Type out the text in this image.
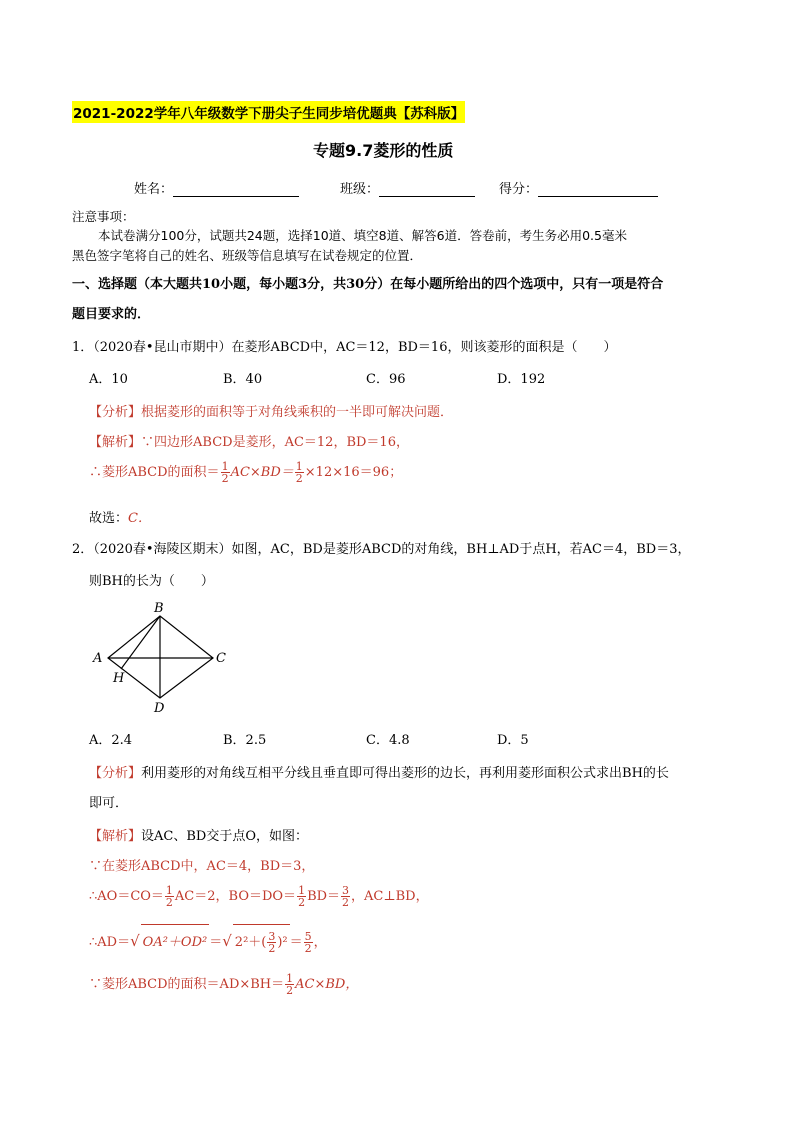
2021-2022学年八年级数学下册尖子生同步培优题典【苏科版】
专题9.7菱形的性质
姓名：	班级：	得分：
注意事项：
本试卷满分100分，试题共24题，选择10道、填空8道、解答6道．答卷前，考生务必用0.5毫米
黑色签字笔将自己的姓名、班级等信息填写在试卷规定的位置．
一、选择题（本大题共10小题，每小题3分，共30分）在每小题所给出的四个选项中，只有一项是符合
题目要求的．
1．（2020春•昆山市期中）在菱形ABCD中，AC＝12，BD＝16，则该菱形的面积是（　　）
A．10	B．40	C．96	D．192
【分析】根据菱形的面积等于对角线乘积的一半即可解决问题．
【解析】∵四边形ABCD是菱形，AC＝12，BD＝16，
∴菱形ABCD的面积＝ $\frac{1}{2} AC\times BD= \frac{1}{2} \times 12\times 16=96$；
故选：C．
2．（2020春•海陵区期末）如图，AC，BD是菱形ABCD的对角线，BH⊥AD于点H，若AC＝4，BD＝3，
则BH的长为（　　）
A
B
C
D
H
A．2.4	B．2.5	C．4.8	D．5
【分析】利用菱形的对角线互相平分线且垂直即可得出菱形的边长，再利用菱形面积公式求出BH的长
即可．
【解析】设AC、BD交于点O，如图：
∵在菱形ABCD中，AC＝4，BD＝3，
∴AO＝CO＝ $\frac{1}{2} AC=2$，$BO=DO= \frac{1}{2} BD= \frac{3}{2}$ ，AC⊥BD，
∴AD＝√ OA²＋OD² ＝√ $2^2+( \frac{3}{2} )^2 = \frac{5}{2}$ ，
∵菱形ABCD的面积$=AD\times BH= \frac{1}{2} AC\times BD$，
